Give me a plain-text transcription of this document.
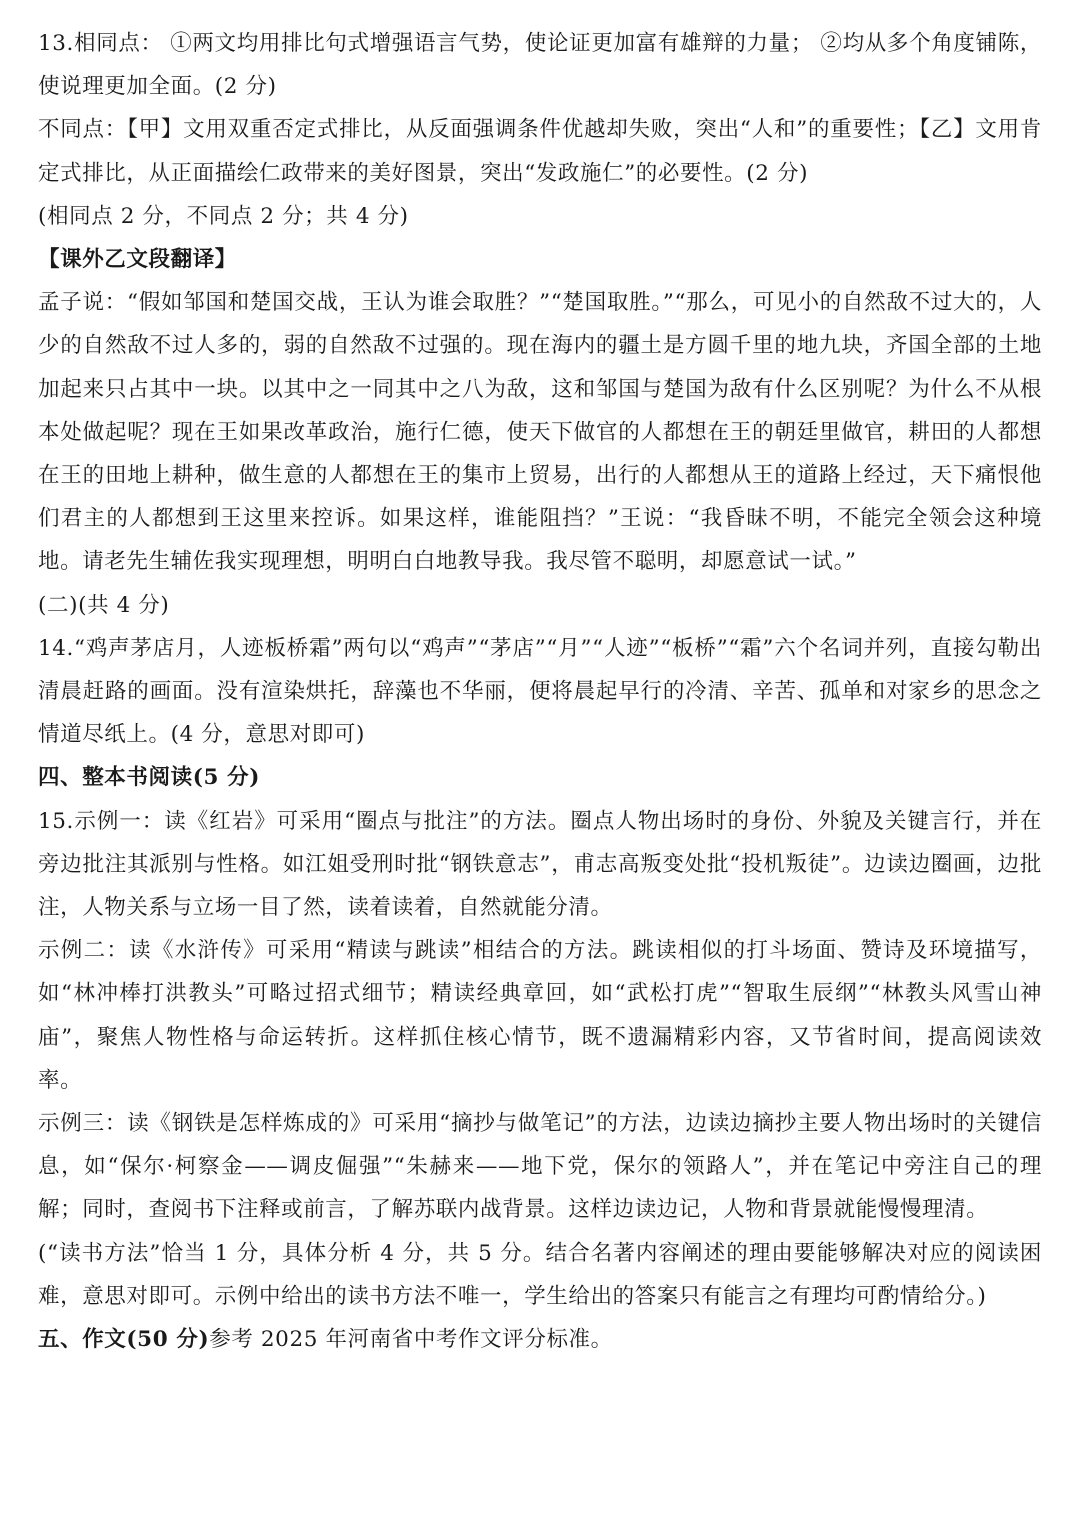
13.相同点： ①两文均用排比句式增强语言气势，使论证更加富有雄辩的力量； ②均从多个角度铺陈，使说理更加全面。(2 分)

不同点：【甲】文用双重否定式排比，从反面强调条件优越却失败，突出“人和”的重要性；【乙】文用肯定式排比，从正面描绘仁政带来的美好图景，突出“发政施仁”的必要性。(2 分)

(相同点 2 分，不同点 2 分；共 4 分)

【课外乙文段翻译】

孟子说：“假如邹国和楚国交战，王认为谁会取胜？”“楚国取胜。”“那么，可见小的自然敌不过大的，人少的自然敌不过人多的，弱的自然敌不过强的。现在海内的疆土是方圆千里的地九块，齐国全部的土地加起来只占其中一块。以其中之一同其中之八为敌，这和邹国与楚国为敌有什么区别呢？为什么不从根本处做起呢？现在王如果改革政治，施行仁德，使天下做官的人都想在王的朝廷里做官，耕田的人都想在王的田地上耕种，做生意的人都想在王的集市上贸易，出行的人都想从王的道路上经过，天下痛恨他们君主的人都想到王这里来控诉。如果这样，谁能阻挡？”王说：“我昏昧不明，不能完全领会这种境地。请老先生辅佐我实现理想，明明白白地教导我。我尽管不聪明，却愿意试一试。”

(二)(共 4 分)

14.“鸡声茅店月，人迹板桥霜”两句以“鸡声”“茅店”“月”“人迹”“板桥”“霜”六个名词并列，直接勾勒出清晨赶路的画面。没有渲染烘托，辞藻也不华丽，便将晨起早行的冷清、辛苦、孤单和对家乡的思念之情道尽纸上。(4 分，意思对即可)

四、整本书阅读(5 分)

15.示例一：读《红岩》可采用“圈点与批注”的方法。圈点人物出场时的身份、外貌及关键言行，并在旁边批注其派别与性格。如江姐受刑时批“钢铁意志”，甫志高叛变处批“投机叛徒”。边读边圈画，边批注，人物关系与立场一目了然，读着读着，自然就能分清。

示例二：读《水浒传》可采用“精读与跳读”相结合的方法。跳读相似的打斗场面、赞诗及环境描写，如“林冲棒打洪教头”可略过招式细节；精读经典章回，如“武松打虎”“智取生辰纲”“林教头风雪山神庙”，聚焦人物性格与命运转折。这样抓住核心情节，既不遗漏精彩内容，又节省时间，提高阅读效率。

示例三：读《钢铁是怎样炼成的》可采用“摘抄与做笔记”的方法，边读边摘抄主要人物出场时的关键信息，如“保尔·柯察金——调皮倔强”“朱赫来——地下党，保尔的领路人”，并在笔记中旁注自己的理解；同时，查阅书下注释或前言，了解苏联内战背景。这样边读边记，人物和背景就能慢慢理清。

(“读书方法”恰当 1 分，具体分析 4 分，共 5 分。结合名著内容阐述的理由要能够解决对应的阅读困难，意思对即可。示例中给出的读书方法不唯一，学生给出的答案只有能言之有理均可酌情给分。)

五、作文(50 分)参考 2025 年河南省中考作文评分标准。
